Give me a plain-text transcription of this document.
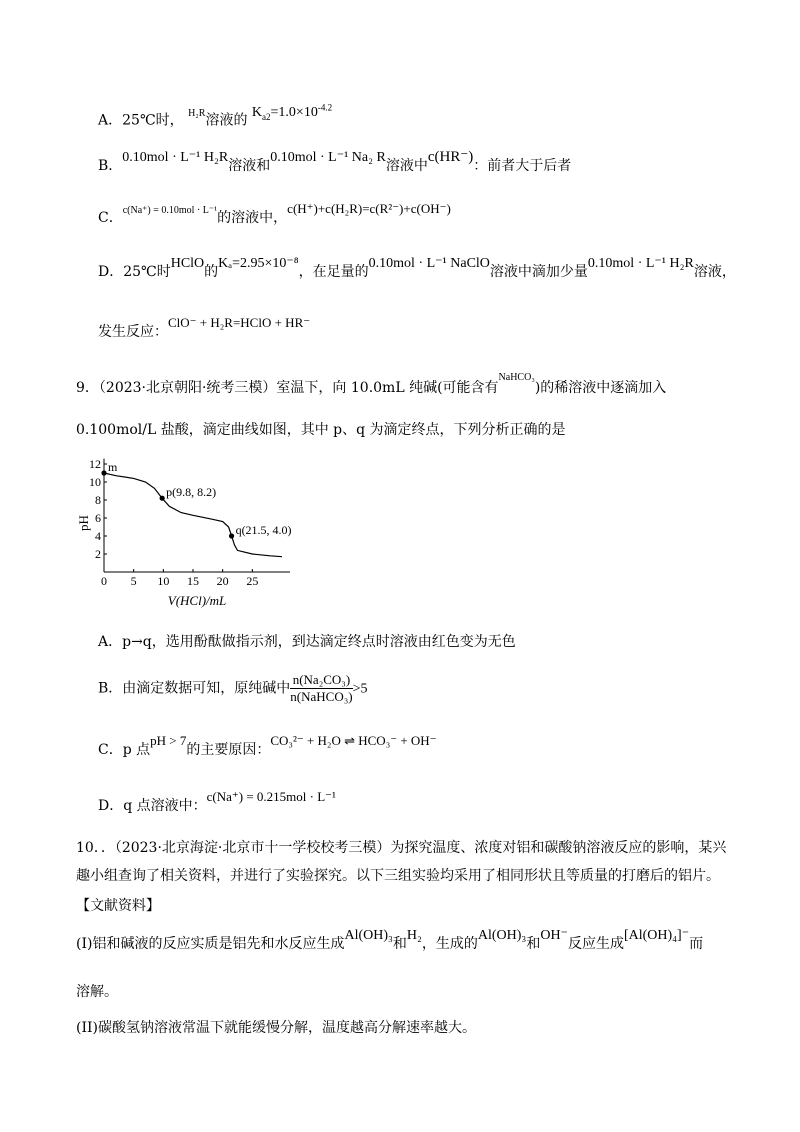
A．25℃时， $^{H_2R}$溶液的 $K_{a2}=1.0\times 10^{-4.2}$
B．0.10mol · L⁻¹ H₂R溶液和0.10mol · L⁻¹ Na₂ R溶液中c(HR⁻)：前者大于后者
C．$^{c(Na^+) = 0.10mol \cdot L^{-1}}$的溶液中，c(H⁺)+c(H₂R)=c(R²⁻)+c(OH⁻)
D．25℃时HClO的Kₐ=2.95×10⁻⁸，在足量的0.10mol · L⁻¹ NaClO溶液中滴加少量0.10mol · L⁻¹ H₂R溶液，
发生反应：ClO⁻ + H₂R=HClO + HR⁻
9．（2023·北京朝阳·统考三模）室温下，向 10.0mL 纯碱(可能含有$^{NaHCO_3}$)的稀溶液中逐滴加入
0.100mol/L 盐酸，滴定曲线如图，其中 p、q 为滴定终点，下列分析正确的是
0 5 10 15 20 25
2
4
6
8
10
12 m
p(9.8, 8.2)
q(21.5, 4.0)
pH
V(HCl)/mL
A．p→q，选用酚酞做指示剂，到达滴定终点时溶液由红色变为无色
B．由滴定数据可知，原纯碱中 $\frac{\text{n(Na₂CO₃)}}{\text{n(NaHCO₃)}} >5$
C．p 点pH > 7的主要原因：CO₃²⁻ + H₂O ⇌ HCO₃⁻ + OH⁻
D．q 点溶液中：c(Na⁺) = 0.215mol · L⁻¹
10．．（2023·北京海淀·北京市十一学校校考三模）为探究温度、浓度对铝和碳酸钠溶液反应的影响，某兴
趣小组查询了相关资料，并进行了实验探究。以下三组实验均采用了相同形状且等质量的打磨后的铝片。
【文献资料】
(I)铝和碱液的反应实质是铝先和水反应生成Al(OH)₃和H₂，生成的Al(OH)₃和OH⁻反应生成[Al(OH)₄]⁻而
溶解。
(II)碳酸氢钠溶液常温下就能缓慢分解，温度越高分解速率越大。
